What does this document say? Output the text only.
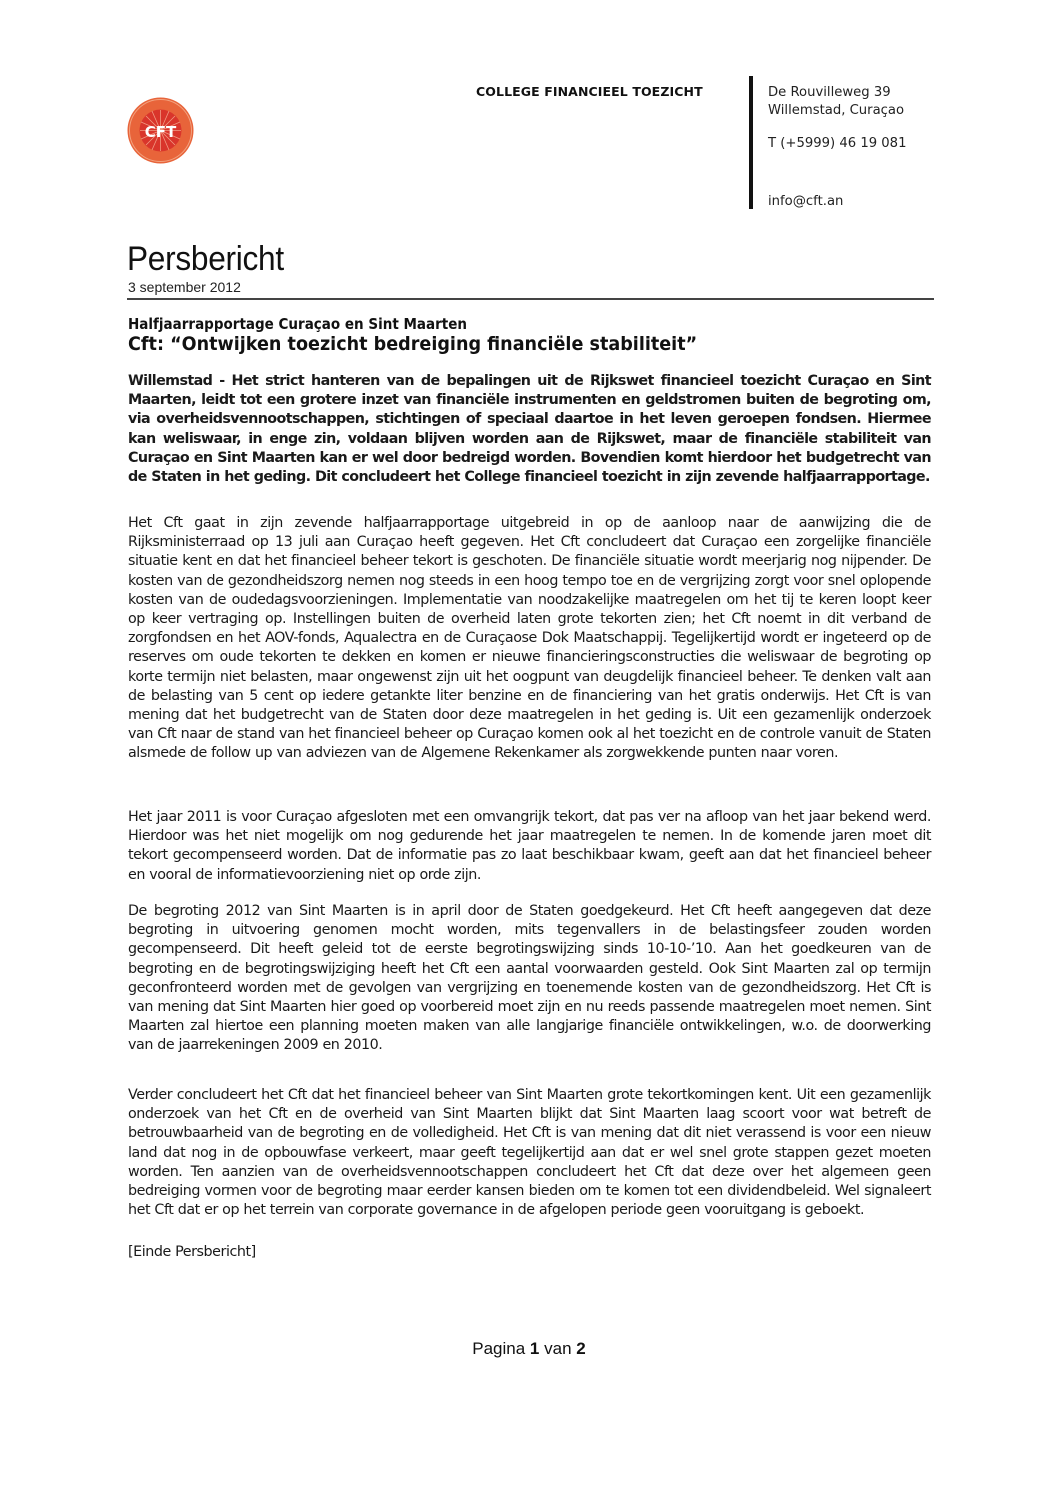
CFT
COLLEGE FINANCIEEL TOEZICHT	De Rouvilleweg 39
Willemstad, Curaçao
T (+5999) 46 19 081
info@cft.an
Persbericht
3 september 2012
Halfjaarrapportage Curaçao en Sint Maarten
Cft: “Ontwijken toezicht bedreiging financiële stabiliteit”
Willemstad - Het strict hanteren van de bepalingen uit de Rijkswet financieel toezicht Curaçao en Sint Maarten, leidt tot een grotere inzet van financiële instrumenten en geldstromen buiten de begroting om, via overheidsvennootschappen, stichtingen of speciaal daartoe in het leven geroepen fondsen. Hiermee kan weliswaar, in enge zin, voldaan blijven worden aan de Rijkswet, maar de financiële stabiliteit van Curaçao en Sint Maarten kan er wel door bedreigd worden. Bovendien komt hierdoor het budgetrecht van de Staten in het geding. Dit concludeert het College financieel toezicht in zijn zevende halfjaarrapportage.
Het Cft gaat in zijn zevende halfjaarrapportage uitgebreid in op de aanloop naar de aanwijzing die de Rijksministerraad op 13 juli aan Curaçao heeft gegeven. Het Cft concludeert dat Curaçao een zorgelijke financiële situatie kent en dat het financieel beheer tekort is geschoten. De financiële situatie wordt meerjarig nog nijpender. De kosten van de gezondheidszorg nemen nog steeds in een hoog tempo toe en de vergrijzing zorgt voor snel oplopende kosten van de oudedagsvoorzieningen. Implementatie van noodzakelijke maatregelen om het tij te keren loopt keer op keer vertraging op. Instellingen buiten de overheid laten grote tekorten zien; het Cft noemt in dit verband de zorgfondsen en het AOV-fonds, Aqualectra en de Curaçaose Dok Maatschappij. Tegelijkertijd wordt er ingeteerd op de reserves om oude tekorten te dekken en komen er nieuwe financieringsconstructies die weliswaar de begroting op korte termijn niet belasten, maar ongewenst zijn uit het oogpunt van deugdelijk financieel beheer. Te denken valt aan de belasting van 5 cent op iedere getankte liter benzine en de financiering van het gratis onderwijs. Het Cft is van mening dat het budgetrecht van de Staten door deze maatregelen in het geding is. Uit een gezamenlijk onderzoek van Cft naar de stand van het financieel beheer op Curaçao komen ook al het toezicht en de controle vanuit de Staten alsmede de follow up van adviezen van de Algemene Rekenkamer als zorgwekkende punten naar voren.
Het jaar 2011 is voor Curaçao afgesloten met een omvangrijk tekort, dat pas ver na afloop van het jaar bekend werd. Hierdoor was het niet mogelijk om nog gedurende het jaar maatregelen te nemen. In de komende jaren moet dit tekort gecompenseerd worden. Dat de informatie pas zo laat beschikbaar kwam, geeft aan dat het financieel beheer en vooral de informatievoorziening niet op orde zijn.
De begroting 2012 van Sint Maarten is in april door de Staten goedgekeurd. Het Cft heeft aangegeven dat deze begroting in uitvoering genomen mocht worden, mits tegenvallers in de belastingsfeer zouden worden gecompenseerd. Dit heeft geleid tot de eerste begrotingswijzing sinds 10-10-’10. Aan het goedkeuren van de begroting en de begrotingswijziging heeft het Cft een aantal voorwaarden gesteld. Ook Sint Maarten zal op termijn geconfronteerd worden met de gevolgen van vergrijzing en toenemende kosten van de gezondheidszorg. Het Cft is van mening dat Sint Maarten hier goed op voorbereid moet zijn en nu reeds passende maatregelen moet nemen. Sint Maarten zal hiertoe een planning moeten maken van alle langjarige financiële ontwikkelingen, w.o. de doorwerking van de jaarrekeningen 2009 en 2010.
Verder concludeert het Cft dat het financieel beheer van Sint Maarten grote tekortkomingen kent. Uit een gezamenlijk onderzoek van het Cft en de overheid van Sint Maarten blijkt dat Sint Maarten laag scoort voor wat betreft de betrouwbaarheid van de begroting en de volledigheid. Het Cft is van mening dat dit niet verassend is voor een nieuw land dat nog in de opbouwfase verkeert, maar geeft tegelijkertijd aan dat er wel snel grote stappen gezet moeten worden. Ten aanzien van de overheidsvennootschappen concludeert het Cft dat deze over het algemeen geen bedreiging vormen voor de begroting maar eerder kansen bieden om te komen tot een dividendbeleid. Wel signaleert het Cft dat er op het terrein van corporate governance in de afgelopen periode geen vooruitgang is geboekt.
[Einde Persbericht]
Pagina 1 van 2
